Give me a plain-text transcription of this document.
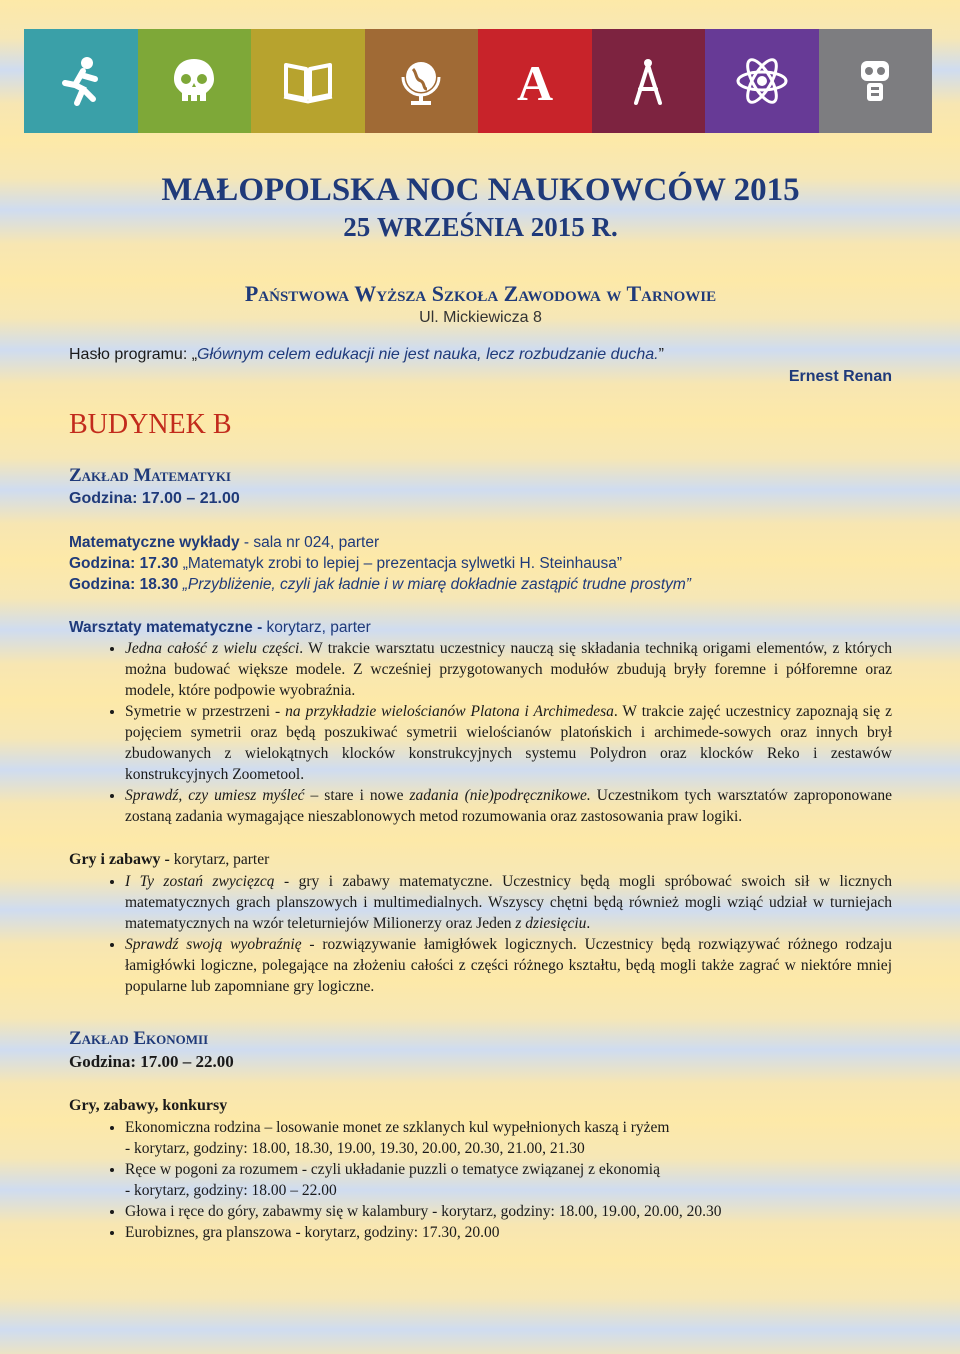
A

MAŁOPOLSKA NOC NAUKOWCÓW 2015

25 WRZEŚNIA 2015 R.

Państwowa Wyższa Szkoła Zawodowa w Tarnowie
Ul. Mickiewicza 8
Hasło programu: „Głównym celem edukacji nie jest nauka, lecz rozbudzanie ducha.”
Ernest Renan
BUDYNEK B
Zakład Matematyki
Godzina: 17.00 – 21.00

Matematyczne wykłady - sala nr 024, parter

Godzina: 17.30 „Matematyk zrobi to lepiej – prezentacja sylwetki H. Steinhausa”

Godzina: 18.30 „Przybliżenie, czyli jak ładnie i w miarę dokładnie zastąpić trudne prostym”

Warsztaty matematyczne - korytarz, parter

• Jedna całość z wielu części. W trakcie warsztatu uczestnicy nauczą się składania techniką origami elementów, z których można budować większe modele. Z wcześniej przygotowanych modułów zbudują bryły foremne i półforemne oraz modele, które podpowie wyobraźnia.
• Symetrie w przestrzeni - na przykładzie wielościanów Platona i Archimedesa. W trakcie zajęć uczestnicy zapoznają się z pojęciem symetrii oraz będą poszukiwać symetrii wielościanów platońskich i archimede-sowych oraz innych brył zbudowanych z wielokątnych klocków konstrukcyjnych systemu Polydron oraz klocków Reko i zestawów konstrukcyjnych Zoometool.
• Sprawdź, czy umiesz myśleć – stare i nowe zadania (nie)podręcznikowe. Uczestnikom tych warsztatów zaproponowane zostaną zadania wymagające nieszablonowych metod rozumowania oraz zastosowania praw logiki.

Gry i zabawy - korytarz, parter

• I Ty zostań zwycięzcą - gry i zabawy matematyczne. Uczestnicy będą mogli spróbować swoich sił w licznych matematycznych grach planszowych i multimedialnych. Wszyscy chętni będą również mogli wziąć udział w turniejach matematycznych na wzór teleturniejów Milionerzy oraz Jeden z dziesięciu.
• Sprawdź swoją wyobraźnię - rozwiązywanie łamigłówek logicznych. Uczestnicy będą rozwiązywać różnego rodzaju łamigłówki logiczne, polegające na złożeniu całości z części różnego kształtu, będą mogli także zagrać w niektóre mniej popularne lub zapomniane gry logiczne.
Zakład Ekonomii
Godzina: 17.00 – 22.00

Gry, zabawy, konkursy

• Ekonomiczna rodzina – losowanie monet ze szklanych kul wypełnionych kaszą i ryżem
- korytarz, godziny: 18.00, 18.30, 19.00, 19.30, 20.00, 20.30, 21.00, 21.30
• Ręce w pogoni za rozumem - czyli układanie puzzli o tematyce związanej z ekonomią
- korytarz, godziny: 18.00 – 22.00
• Głowa i ręce do góry, zabawmy się w kalambury - korytarz, godziny: 18.00, 19.00, 20.00, 20.30
• Eurobiznes, gra planszowa - korytarz, godziny: 17.30, 20.00
